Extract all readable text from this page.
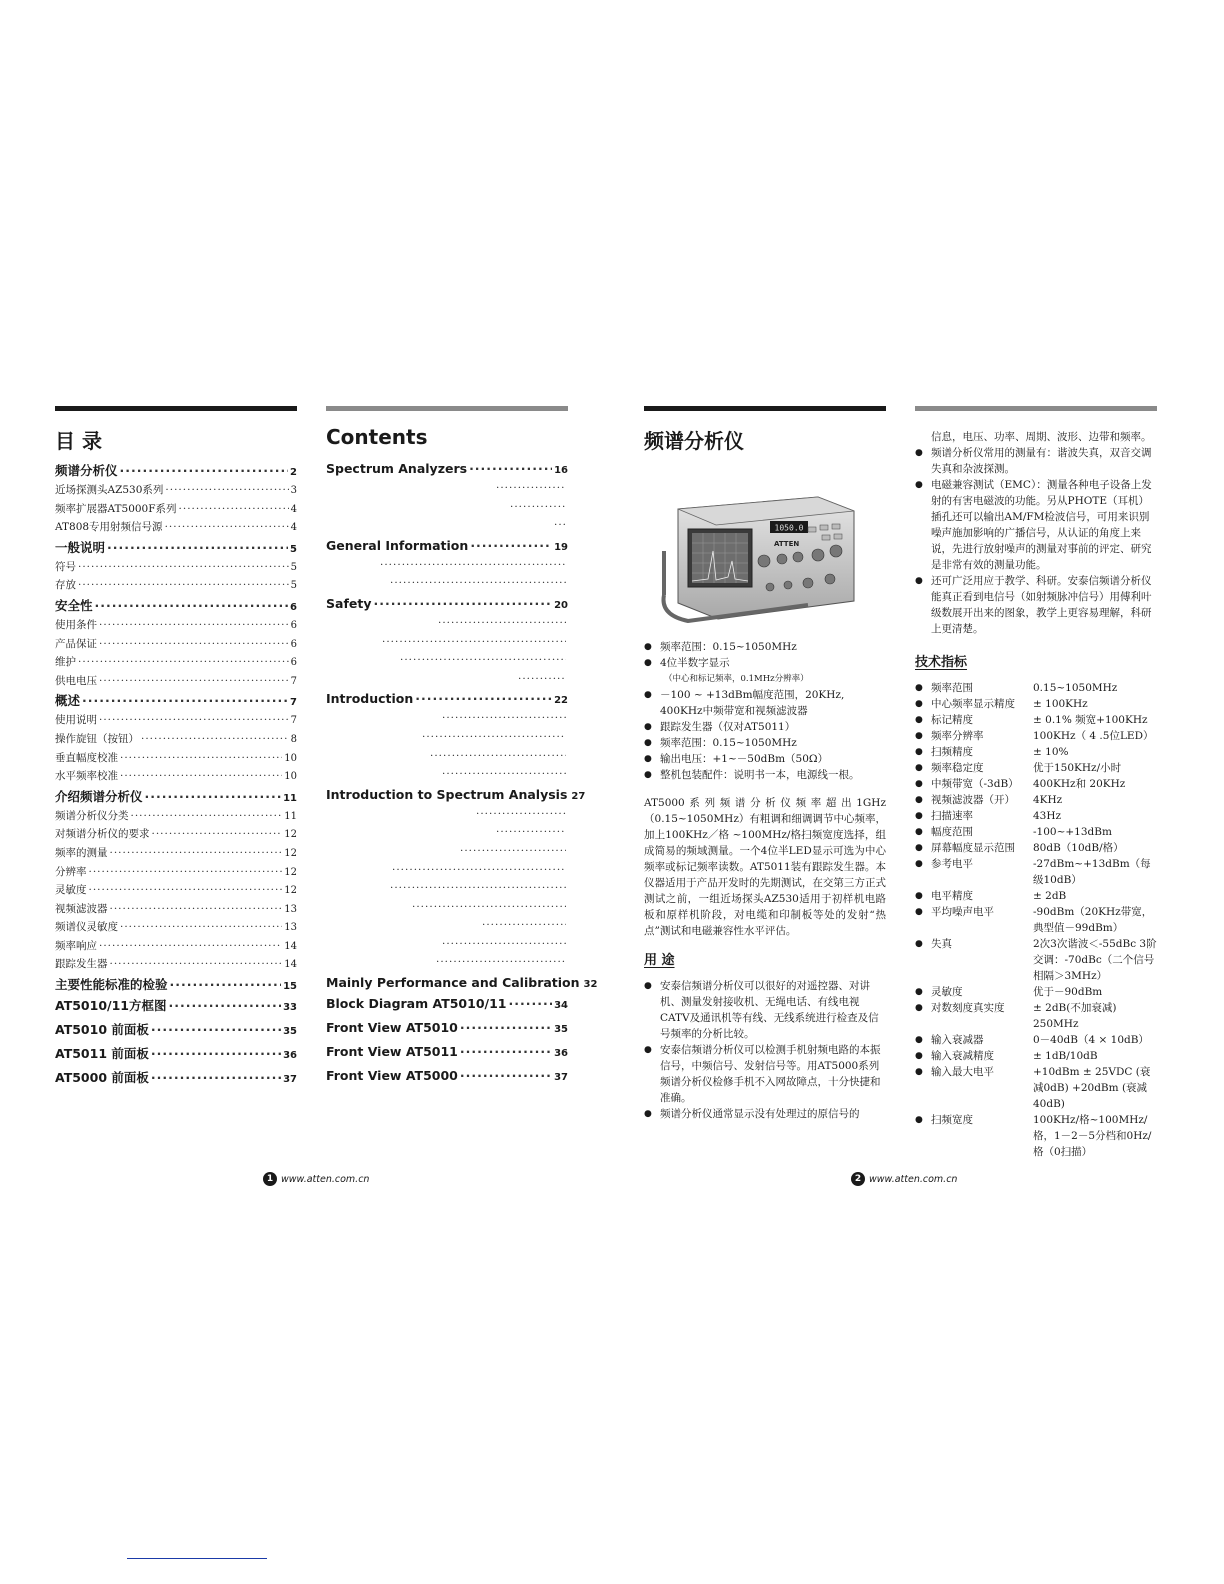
目 录
频谱分析仪 ·····	2
近场探测头AZ530系列 ·····	3
频率扩展器AT5000F系列 ·····	4
AT808专用射频信号源 ·····	4
一般说明 ·····	5
符号 ·····	5
存放 ·····	5
安全性 ·····	6
使用条件 ·····	6
产品保证 ·····	6
维护 ·····	6
供电电压 ·····	7
概述 ·····	7
使用说明 ·····	7
操作旋钮（按钮） ·····	8
垂直幅度校准 ·····	10
水平频率校准 ·····	10
介绍频谱分析仪 ·····	11
频谱分析仪分类 ·····	11
对频谱分析仪的要求 ·····	12
频率的测量 ·····	12
分辨率 ·····	12
灵敏度 ·····	12
视频滤波器 ·····	13
频谱仪灵敏度 ·····	13
频率响应 ·····	14
跟踪发生器 ·····	14
主要性能标准的检验 ·····	15
AT5010/11方框图 ·····	33
AT5010 前面板 ·····	35
AT5011 前面板 ·····	36
AT5000 前面板 ·····	37
Contents
Spectrum Analyzers ·····	16
·····
·····
·····
General Information ·····	19
·····
·····
Safety ·····	20
·····
·····
·····
·····
Introduction ·····	22
·····
·····
·····
·····
Introduction to Spectrum Analysis 27
·····
·····
·····
·····
·····
·····
·····
·····
·····
Mainly Performance and Calibration 32
Block Diagram AT5010/11 ·····	34
Front View AT5010 ·····	35
Front View AT5011 ·····	36
Front View AT5000 ·····	37
频谱分析仪
1050.0
ATTEN
● 频率范围：0.15~1050MHz
● 4位半数字显示
（中心和标记频率，0.1MHz分辨率）
● －100 ~ +13dBm幅度范围，20KHz, 400KHz中频带宽和视频滤波器
● 跟踪发生器（仅对AT5011）
● 频率范围：0.15~1050MHz
● 输出电压：+1~－50dBm（50Ω）
● 整机包装配件：说明书一本，电源线一根。

AT5000系列频谱分析仪频率超出1GHz（0.15~1050MHz）有粗调和细调调节中心频率，加上100KHz／格 ~100MHz/格扫频宽度选择，组成简易的频域测量。一个4位半LED显示可选为中心频率或标记频率读数。AT5011装有跟踪发生器。本仪器适用于产品开发时的先期测试，在交第三方正式测试之前，一组近场探头AZ530适用于初样机电路板和原样机阶段，对电缆和印制板等处的发射“热点”测试和电磁兼容性水平评估。

用 途
● 安泰信频谱分析仪可以很好的对遥控器、对讲机、测量发射接收机、无绳电话、有线电视CATV及通讯机等有线、无线系统进行检查及信号频率的分析比较。
● 安泰信频谱分析仪可以检测手机射频电路的本振信号，中频信号、发射信号等。用AT5000系列频谱分析仪检修手机不入网故障点，十分快捷和准确。
● 频谱分析仪通常显示没有处理过的原信号的

信息，电压、功率、周期、波形、边带和频率。

● 频谱分析仪常用的测量有：谐波失真，双音交调失真和杂波探测。
● 电磁兼容测试（EMC）：测量各种电子设备上发射的有害电磁波的功能。另从PHOTE（耳机）插孔还可以输出AM/FM检波信号，可用来识别噪声施加影响的广播信号，从认证的角度上来说，先进行放射噪声的测量对事前的评定、研究是非常有效的测量功能。
● 还可广泛用应于教学、科研。安泰信频谱分析仪能真正看到电信号（如射频脉冲信号）用傅利叶级数展开出来的图象，教学上更容易理解，科研上更清楚。
技术指标
● 频率范围	0.15~1050MHz
● 中心频率显示精度	± 100KHz
● 标记精度	± 0.1% 频宽+100KHz
● 频率分辨率	100KHz（ 4 .5位LED）
● 扫频精度	± 10%
● 频率稳定度	优于150KHz/小时
● 中频带宽（-3dB）	400KHz和 20KHz
● 视频滤波器（开）	4KHz
● 扫描速率	43Hz
● 幅度范围	-100~+13dBm
● 屏幕幅度显示范围	80dB（10dB/格）
● 参考电平	-27dBm~+13dBm（每级10dB）
● 电平精度	± 2dB
● 平均噪声电平	-90dBm（20KHz带宽，典型值－99dBm）
● 失真	2次3次谐波＜-55dBc 3阶交调：-70dBc（二个信号相隔＞3MHz）
● 灵敏度	优于－90dBm
● 对数刻度真实度	± 2dB(不加衰减) 250MHz
● 输入衰减器	0－40dB（4 × 10dB）
● 输入衰减精度	± 1dB/10dB
● 输入最大电平	+10dBm ± 25VDC (衰减0dB) +20dBm (衰减40dB)
● 扫频宽度	100KHz/格~100MHz/格，1－2－5分档和0Hz/格（0扫描）
1 www.atten.com.cn	2 www.atten.com.cn
